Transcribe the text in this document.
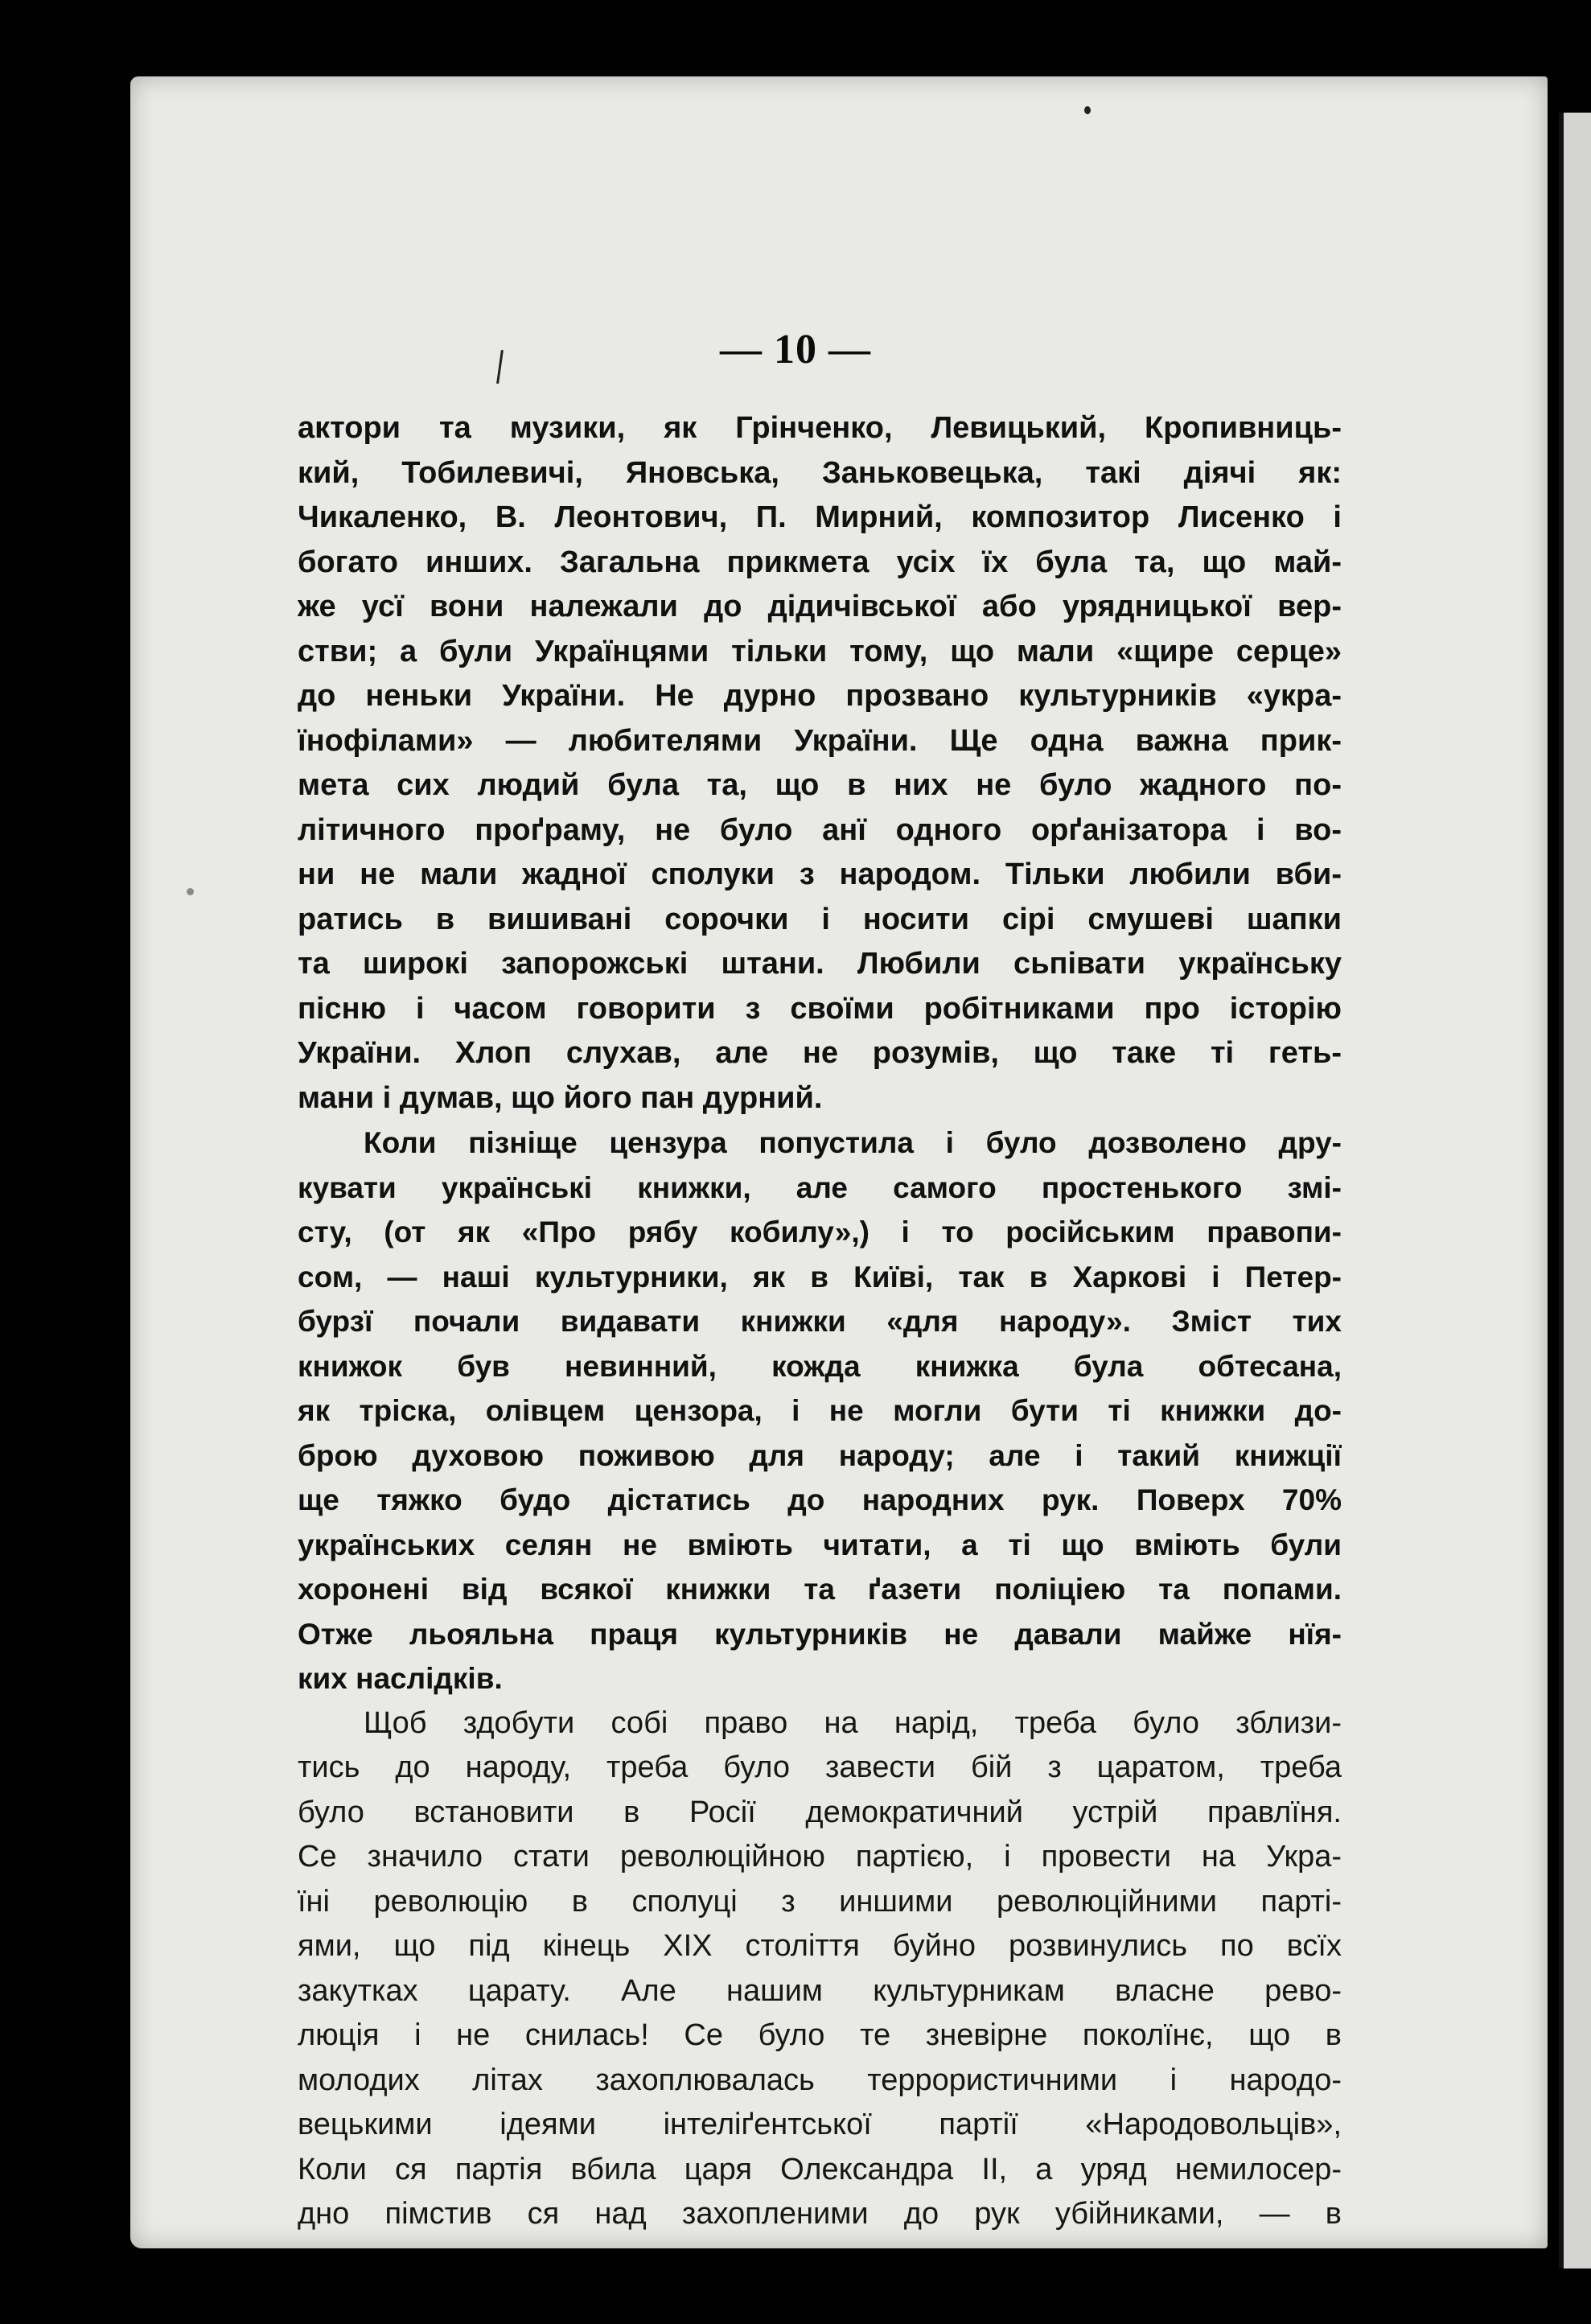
— 10 —
актори та музики, як Грінченко, Левицький, Кропивниць-
кий, Тобилевичі, Яновська, Заньковецька, такі діячі як:
Чикаленко, В. Леонтович, П. Мирний, композитор Лисенко і
богато инших. Загальна прикмета усіх їх була та, що май-
же усї вони належали до дідичівської або урядницької вер-
стви; а були Українцями тільки тому, що мали «щире серце»
до неньки України. Не дурно прозвано культурників «укра-
їнофілами» — любителями України. Ще одна важна прик-
мета сих людий була та, що в них не було жадного по-
літичного проґраму, не було анї одного орґанізатора і во-
ни не мали жадної сполуки з народом. Тільки любили вби-
ратись в вишивані сорочки і носити сірі смушеві шапки
та широкі запорожські штани. Любили сьпівати українську
пісню і часом говорити з своїми робітниками про історію
України. Хлоп слухав, але не розумів, що таке ті геть-
мани і думав, що його пан дурний.
Коли пізніще цензура попустила і було дозволено дру-
кувати українські книжки, але самого простенького змі-
сту, (от як «Про рябу кобилу»,) і то російським правопи-
сом, — наші культурники, як в Київі, так в Харкові і Петер-
бурзї почали видавати книжки «для народу». Зміст тих
книжок був невинний, кожда книжка була обтесана,
як тріска, олівцем цензора, і не могли бути ті книжки до-
брою духовою поживою для народу; але і такий книжції
ще тяжко будо дістатись до народних рук. Поверх 70%
українських селян не вміють читати, а ті що вміють були
хоронені від всякої книжки та ґазети поліціею та попами.
Отже льояльна праця культурників не давали майже нїя-
ких наслідків.
Щоб здобути собі право на нарід, треба було зблизи-
тись до народу, треба було завести бій з царатом, треба
було встановити в Росії демократичний устрій правлїня.
Се значило стати революційною партією, і провести на Укра-
їні революцію в сполуці з иншими революційними парті-
ями, що під кінець XIX століття буйно розвинулись по всїх
закутках царату. Але нашим культурникам власне рево-
люція і не снилась! Се було те зневірне поколїнє, що в
молодих літах захоплювалась террористичними і народо-
вецькими ідеями інтеліґентської партії «Народовольців»,
Коли ся партія вбила царя Олександра II, а уряд немилосер-
дно пімстив ся над захопленими до рук убійниками, — в
